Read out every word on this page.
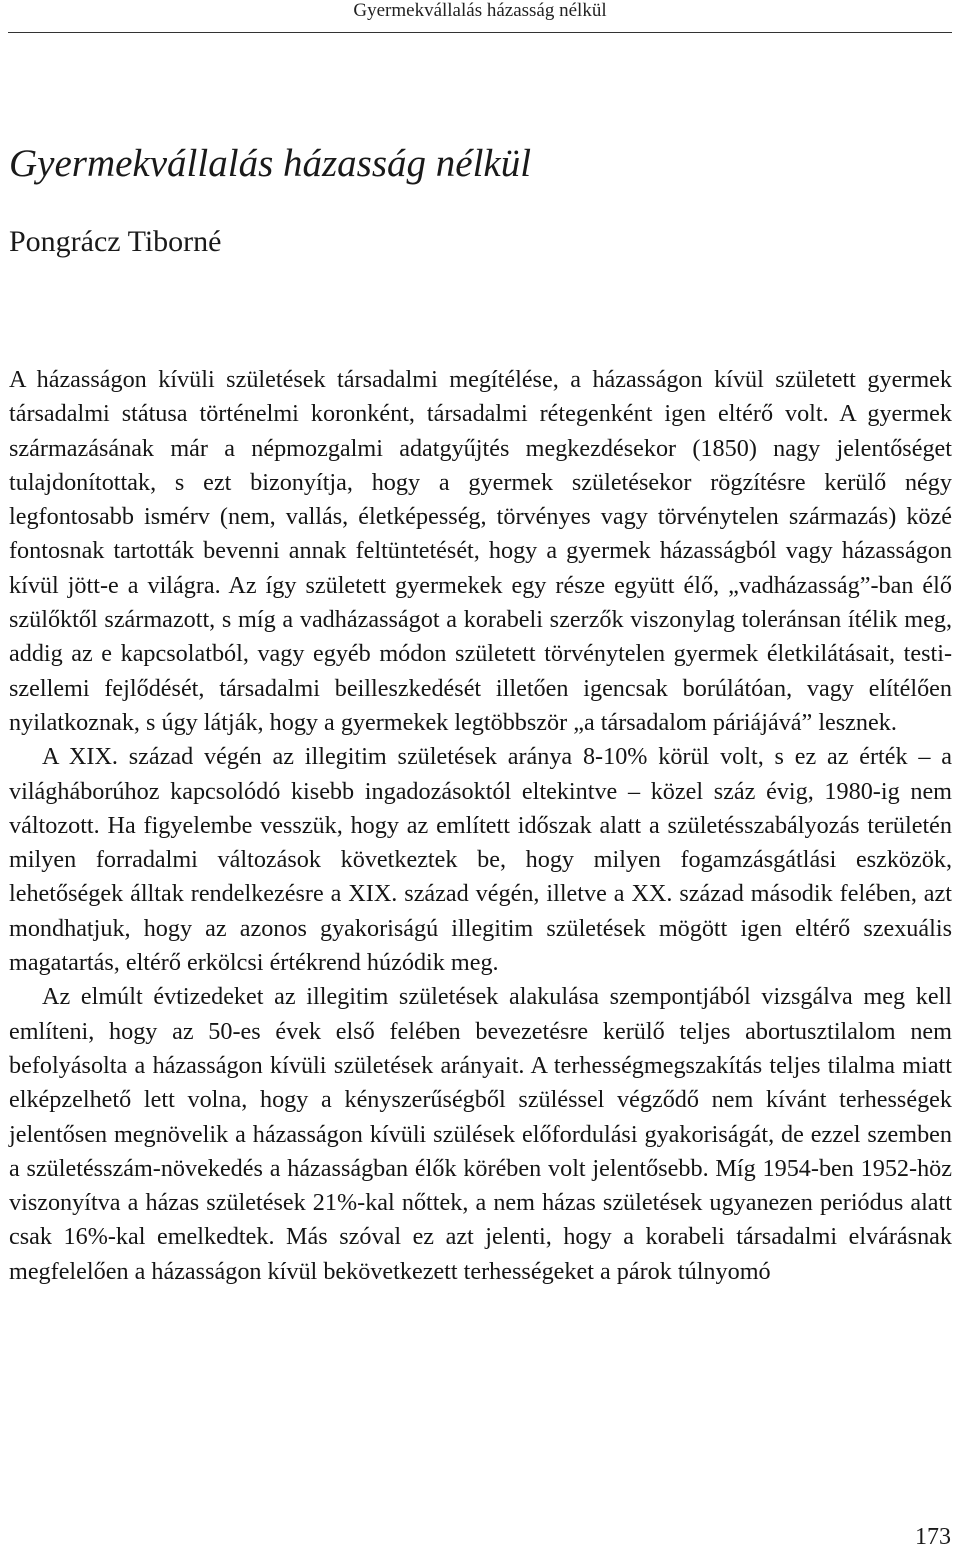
Gyermekvállalás házasság nélkül
Gyermekvállalás házasság nélkül
Pongrácz Tiborné

A házasságon kívüli születések társadalmi megítélése, a házasságon kívül született gyermek társadalmi státusa történelmi koronként, társadalmi rétegenként igen eltérő volt. A gyermek származásának már a népmozgalmi adatgyűjtés megkezdésekor (1850) nagy jelentőséget tulajdonítottak, s ezt bizonyítja, hogy a gyermek születésekor rögzítésre kerülő négy legfontosabb ismérv (nem, vallás, életképesség, törvényes vagy törvénytelen származás) közé fontosnak tartották bevenni annak feltüntetését, hogy a gyermek házasságból vagy házasságon kívül jött-e a világra. Az így született gyermekek egy része együtt élő, „vadházasság”-ban élő szülőktől származott, s míg a vadházasságot a korabeli szerzők viszonylag toleránsan ítélik meg, addig az e kapcsolatból, vagy egyéb módon született törvénytelen gyermek életkilátásait, testi-szellemi fejlődését, társadalmi beilleszkedését illetően igencsak borúlátóan, vagy elítélően nyilatkoznak, s úgy látják, hogy a gyermekek legtöbbször „a társadalom páriájává” lesznek.

A XIX. század végén az illegitim születések aránya 8-10% körül volt, s ez az érték – a világháborúhoz kapcsolódó kisebb ingadozásoktól eltekintve – közel száz évig, 1980-ig nem változott. Ha figyelembe vesszük, hogy az említett időszak alatt a születésszabályozás területén milyen forradalmi változások következtek be, hogy milyen fogamzásgátlási eszközök, lehetőségek álltak rendelkezésre a XIX. század végén, illetve a XX. század második felében, azt mondhatjuk, hogy az azonos gyakoriságú illegitim születések mögött igen eltérő szexuális magatartás, eltérő erkölcsi értékrend húzódik meg.

Az elmúlt évtizedeket az illegitim születések alakulása szempontjából vizsgálva meg kell említeni, hogy az 50-es évek első felében bevezetésre kerülő teljes abortusztilalom nem befolyásolta a házasságon kívüli születések arányait. A terhességmegszakítás teljes tilalma miatt elképzelhető lett volna, hogy a kényszerűségből szüléssel végződő nem kívánt terhességek jelentősen megnövelik a házasságon kívüli szülések előfordulási gyakoriságát, de ezzel szemben a születésszám-növekedés a házasságban élők körében volt jelentősebb. Míg 1954-ben 1952-höz viszonyítva a házas születések 21%-kal nőttek, a nem házas születések ugyanezen periódus alatt csak 16%-kal emelkedtek. Más szóval ez azt jelenti, hogy a korabeli társadalmi elvárásnak megfelelően a házasságon kívül bekövetkezett terhességeket a párok túlnyomó

173
